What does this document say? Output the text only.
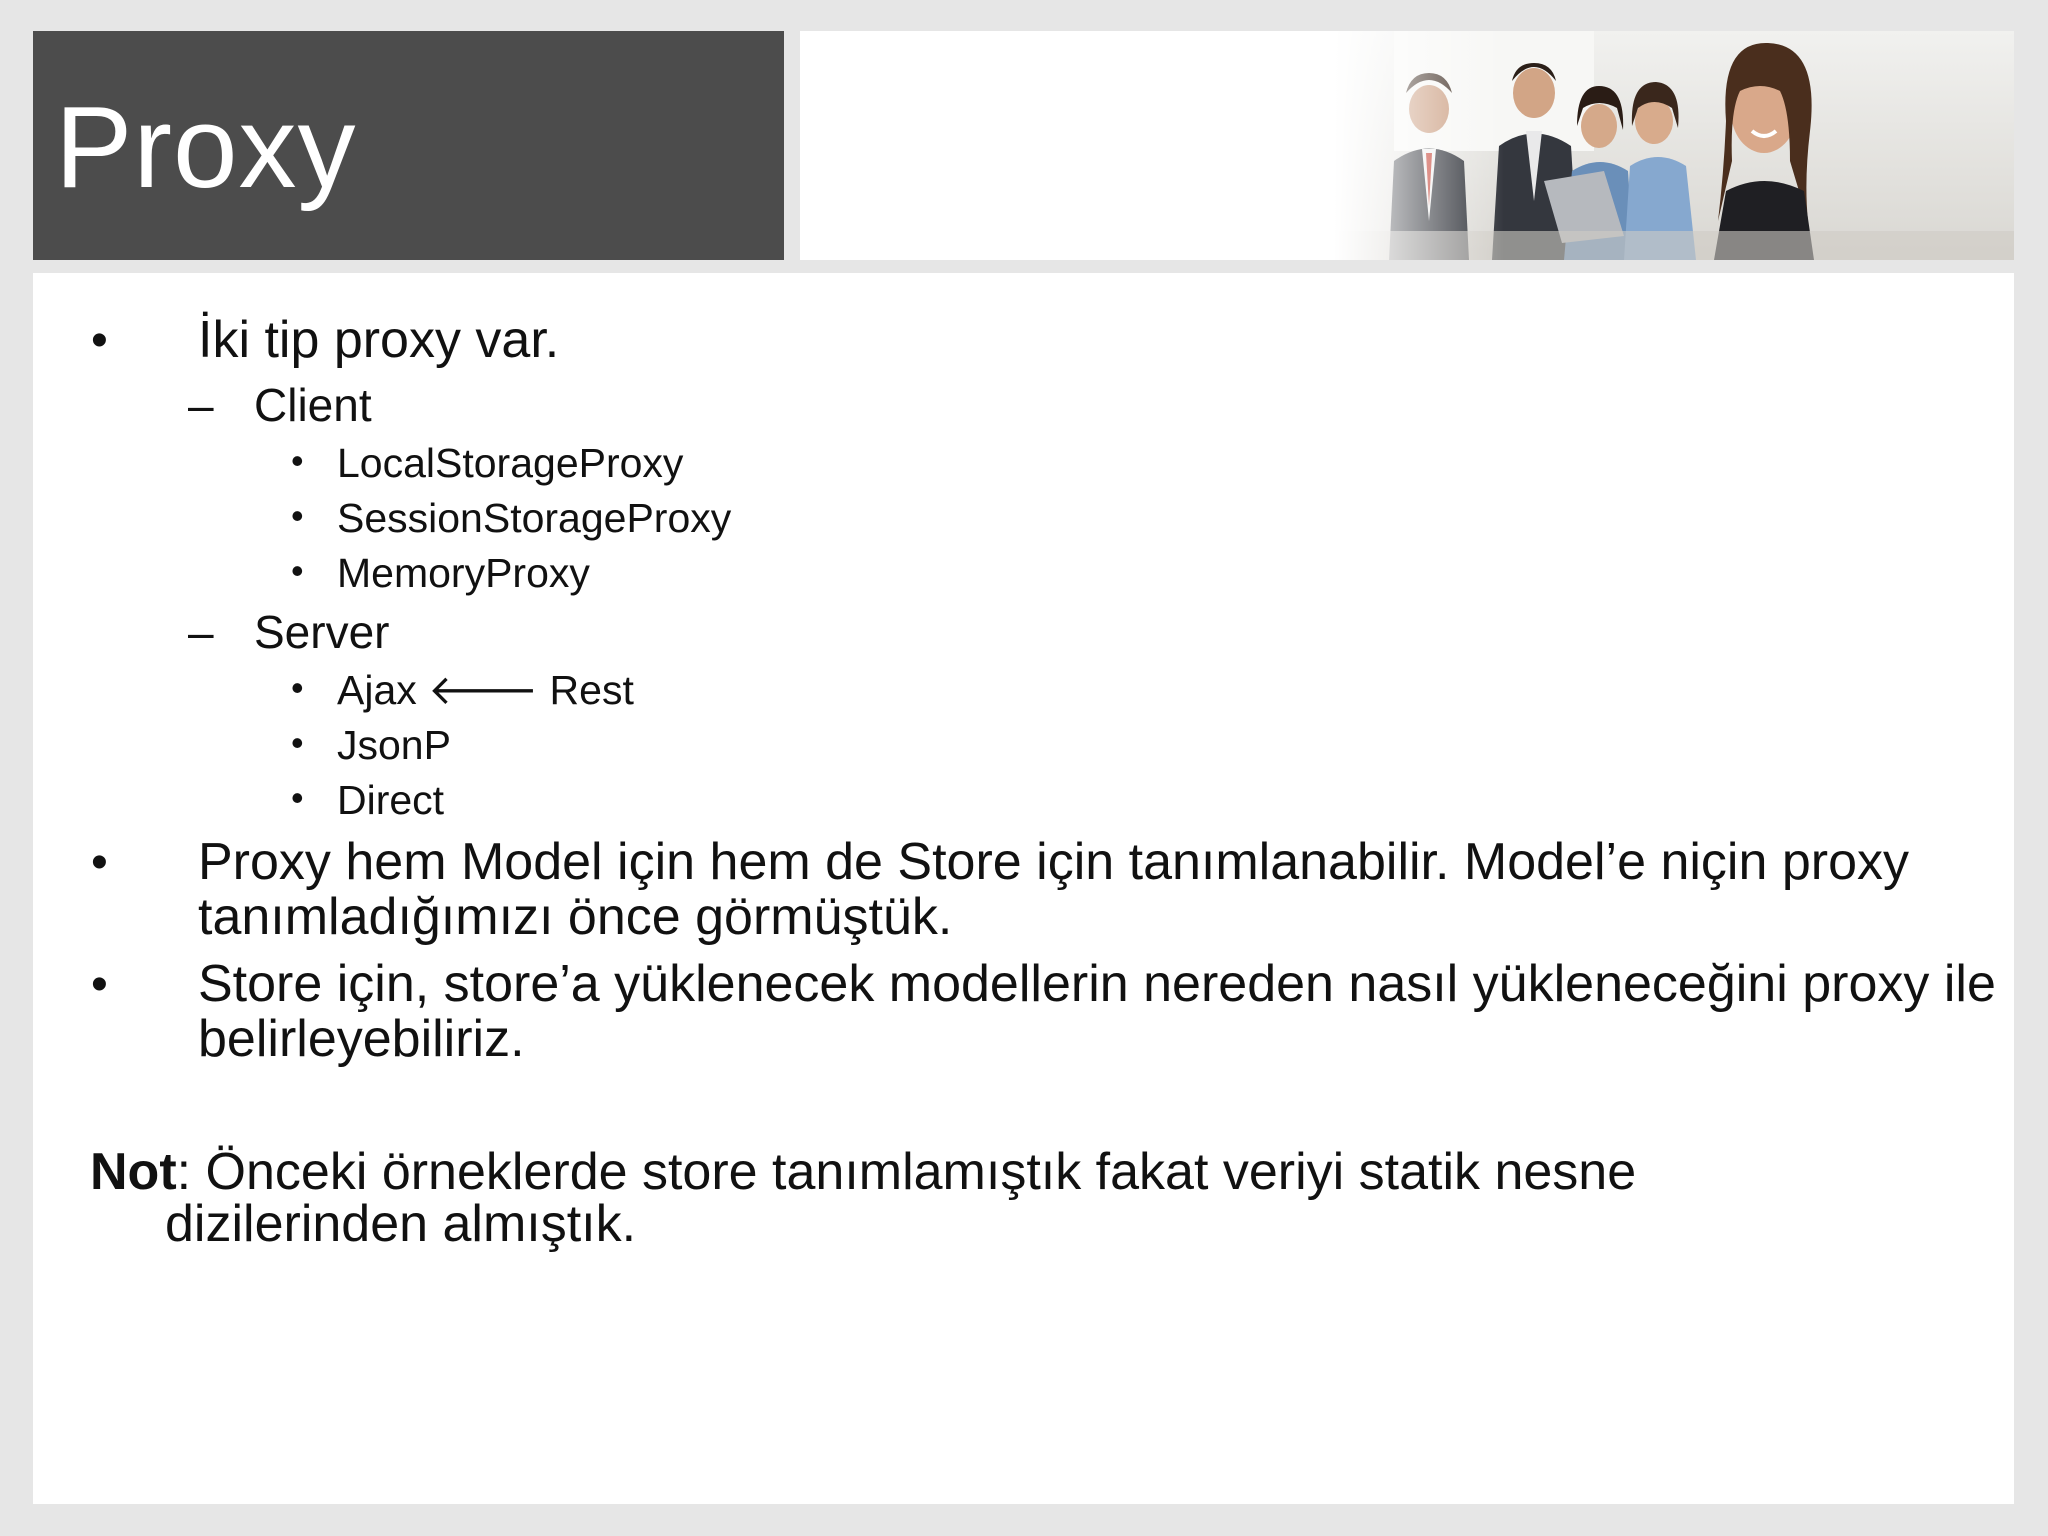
Proxy
• İki tip proxy var.
– Client
• LocalStorageProxy
• SessionStorageProxy
• MemoryProxy
– Server
• Ajax 🡐 Rest
• JsonP
• Direct
• Proxy hem Model için hem de Store için tanımlanabilir. Model’e niçin proxy tanımladığımızı önce görmüştük.
• Store için, store’a yüklenecek modellerin nereden nasıl yükleneceğini proxy ile belirleyebiliriz.
Not: Önceki örneklerde store tanımlamıştık fakat veriyi statik nesne
dizilerinden almıştık.
